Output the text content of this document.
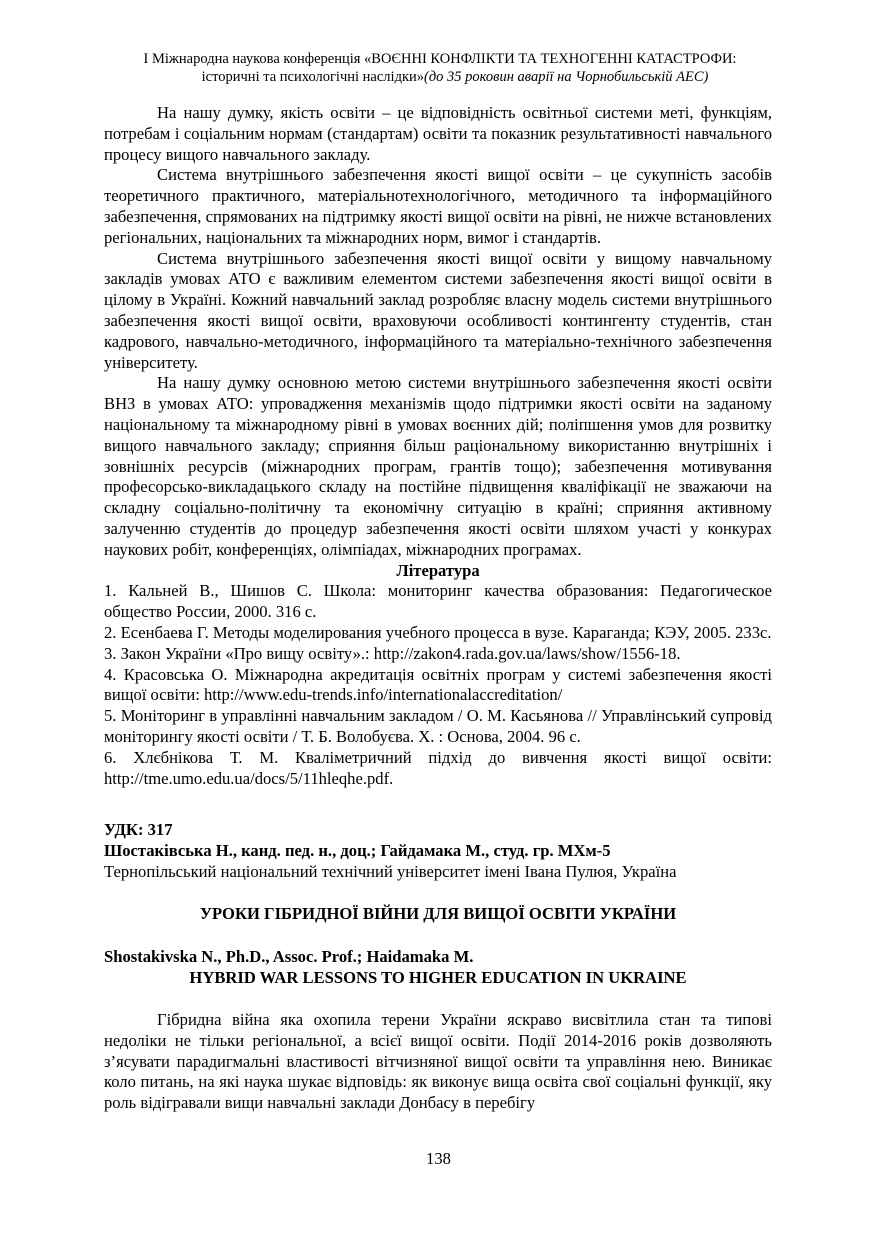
І Міжнародна наукова конференція «ВОЄННІ КОНФЛІКТИ ТА ТЕХНОГЕННІ КАТАСТРОФИ:
історичні та психологічні наслідки»(до 35 роковин аварії на Чорнобильській АЕС)

На нашу думку, якість освіти – це відповідність освітньої системи меті, функціям, потребам і соціальним нормам (стандартам) освіти та показник результативності навчального процесу вищого навчального закладу.

Система внутрішнього забезпечення якості вищої освіти – це сукупність засобів теоретичного практичного, матеріальнотехнологічного, методичного та інформаційного забезпечення, спрямованих на підтримку якості вищої освіти на рівні, не нижче встановлених регіональних, національних та міжнародних норм, вимог і стандартів.

Система внутрішнього забезпечення якості вищої освіти у вищому навчальному закладів умовах АТО є важливим елементом системи забезпечення якості вищої освіти в цілому в Україні. Кожний навчальний заклад розробляє власну модель системи внутрішнього забезпечення якості вищої освіти, враховуючи особливості контингенту студентів, стан кадрового, навчально-методичного, інформаційного та матеріально-технічного забезпечення університету.

На нашу думку основною метою системи внутрішнього забезпечення якості освіти ВНЗ в умовах АТО: упровадження механізмів щодо підтримки якості освіти на заданому національному та міжнародному рівні в умовах воєнних дій; поліпшення умов для розвитку вищого навчального закладу; сприяння більш раціональному використанню внутрішніх і зовнішніх ресурсів (міжнародних програм, грантів тощо); забезпечення мотивування професорсько-викладацького складу на постійне підвищення кваліфікації не зважаючи на складну соціально-політичну та економічну ситуацію в країні; сприяння активному залученню студентів до процедур забезпечення якості освіти шляхом участі у конкурах наукових робіт, конференціях, олімпіадах, міжнародних програмах.

Література

1. Кальней В., Шишов С. Школа: мониторинг качества образования: Педагогическое общество России, 2000. 316 с.

2. Есенбаева Г. Методы моделирования учебного процесса в вузе. Караганда; КЭУ, 2005. 233с.

3. Закон України «Про вищу освіту».: http://zakon4.rada.gov.ua/laws/show/1556-18.

4. Красовська О. Міжнародна акредитація освітніх програм у системі забезпечення якості вищої освіти: http://www.edu-trends.info/internationalaccreditation/

5. Моніторинг в управлінні навчальним закладом / О. М. Касьянова // Управлінський супровід моніторингу якості освіти / Т. Б. Волобуєва. Х. : Основа, 2004. 96 с.

6. Хлєбнікова Т. М. Кваліметричний підхід до вивчення якості вищої освіти: http://tme.umo.edu.ua/docs/5/11hleqhe.pdf.

УДК: 317
Шостаківська Н., канд. пед. н., доц.; Гайдамака М., студ. гр. МХм-5
Тернопільський національний технічний університет імені Івана Пулюя, Україна
УРОКИ ГІБРИДНОЇ ВІЙНИ ДЛЯ ВИЩОЇ ОСВІТИ УКРАЇНИ
Shostakivska N., Ph.D., Assoc. Prof.; Haidamaka M.
HYBRID WAR LESSONS TO HIGHER EDUCATION IN UKRAINE

Гібридна війна яка охопила терени України яскраво висвітлила стан та типові недоліки не тільки регіональної, а всієї вищої освіти. Події 2014-2016 років дозволяють з’ясувати парадигмальні властивості вітчизняної вищої освіти та управління нею. Виникає коло питань, на які наука шукає відповідь: як виконує вища освіта свої соціальні функції, яку роль відігравали вищи навчальні заклади Донбасу в перебігу

138
